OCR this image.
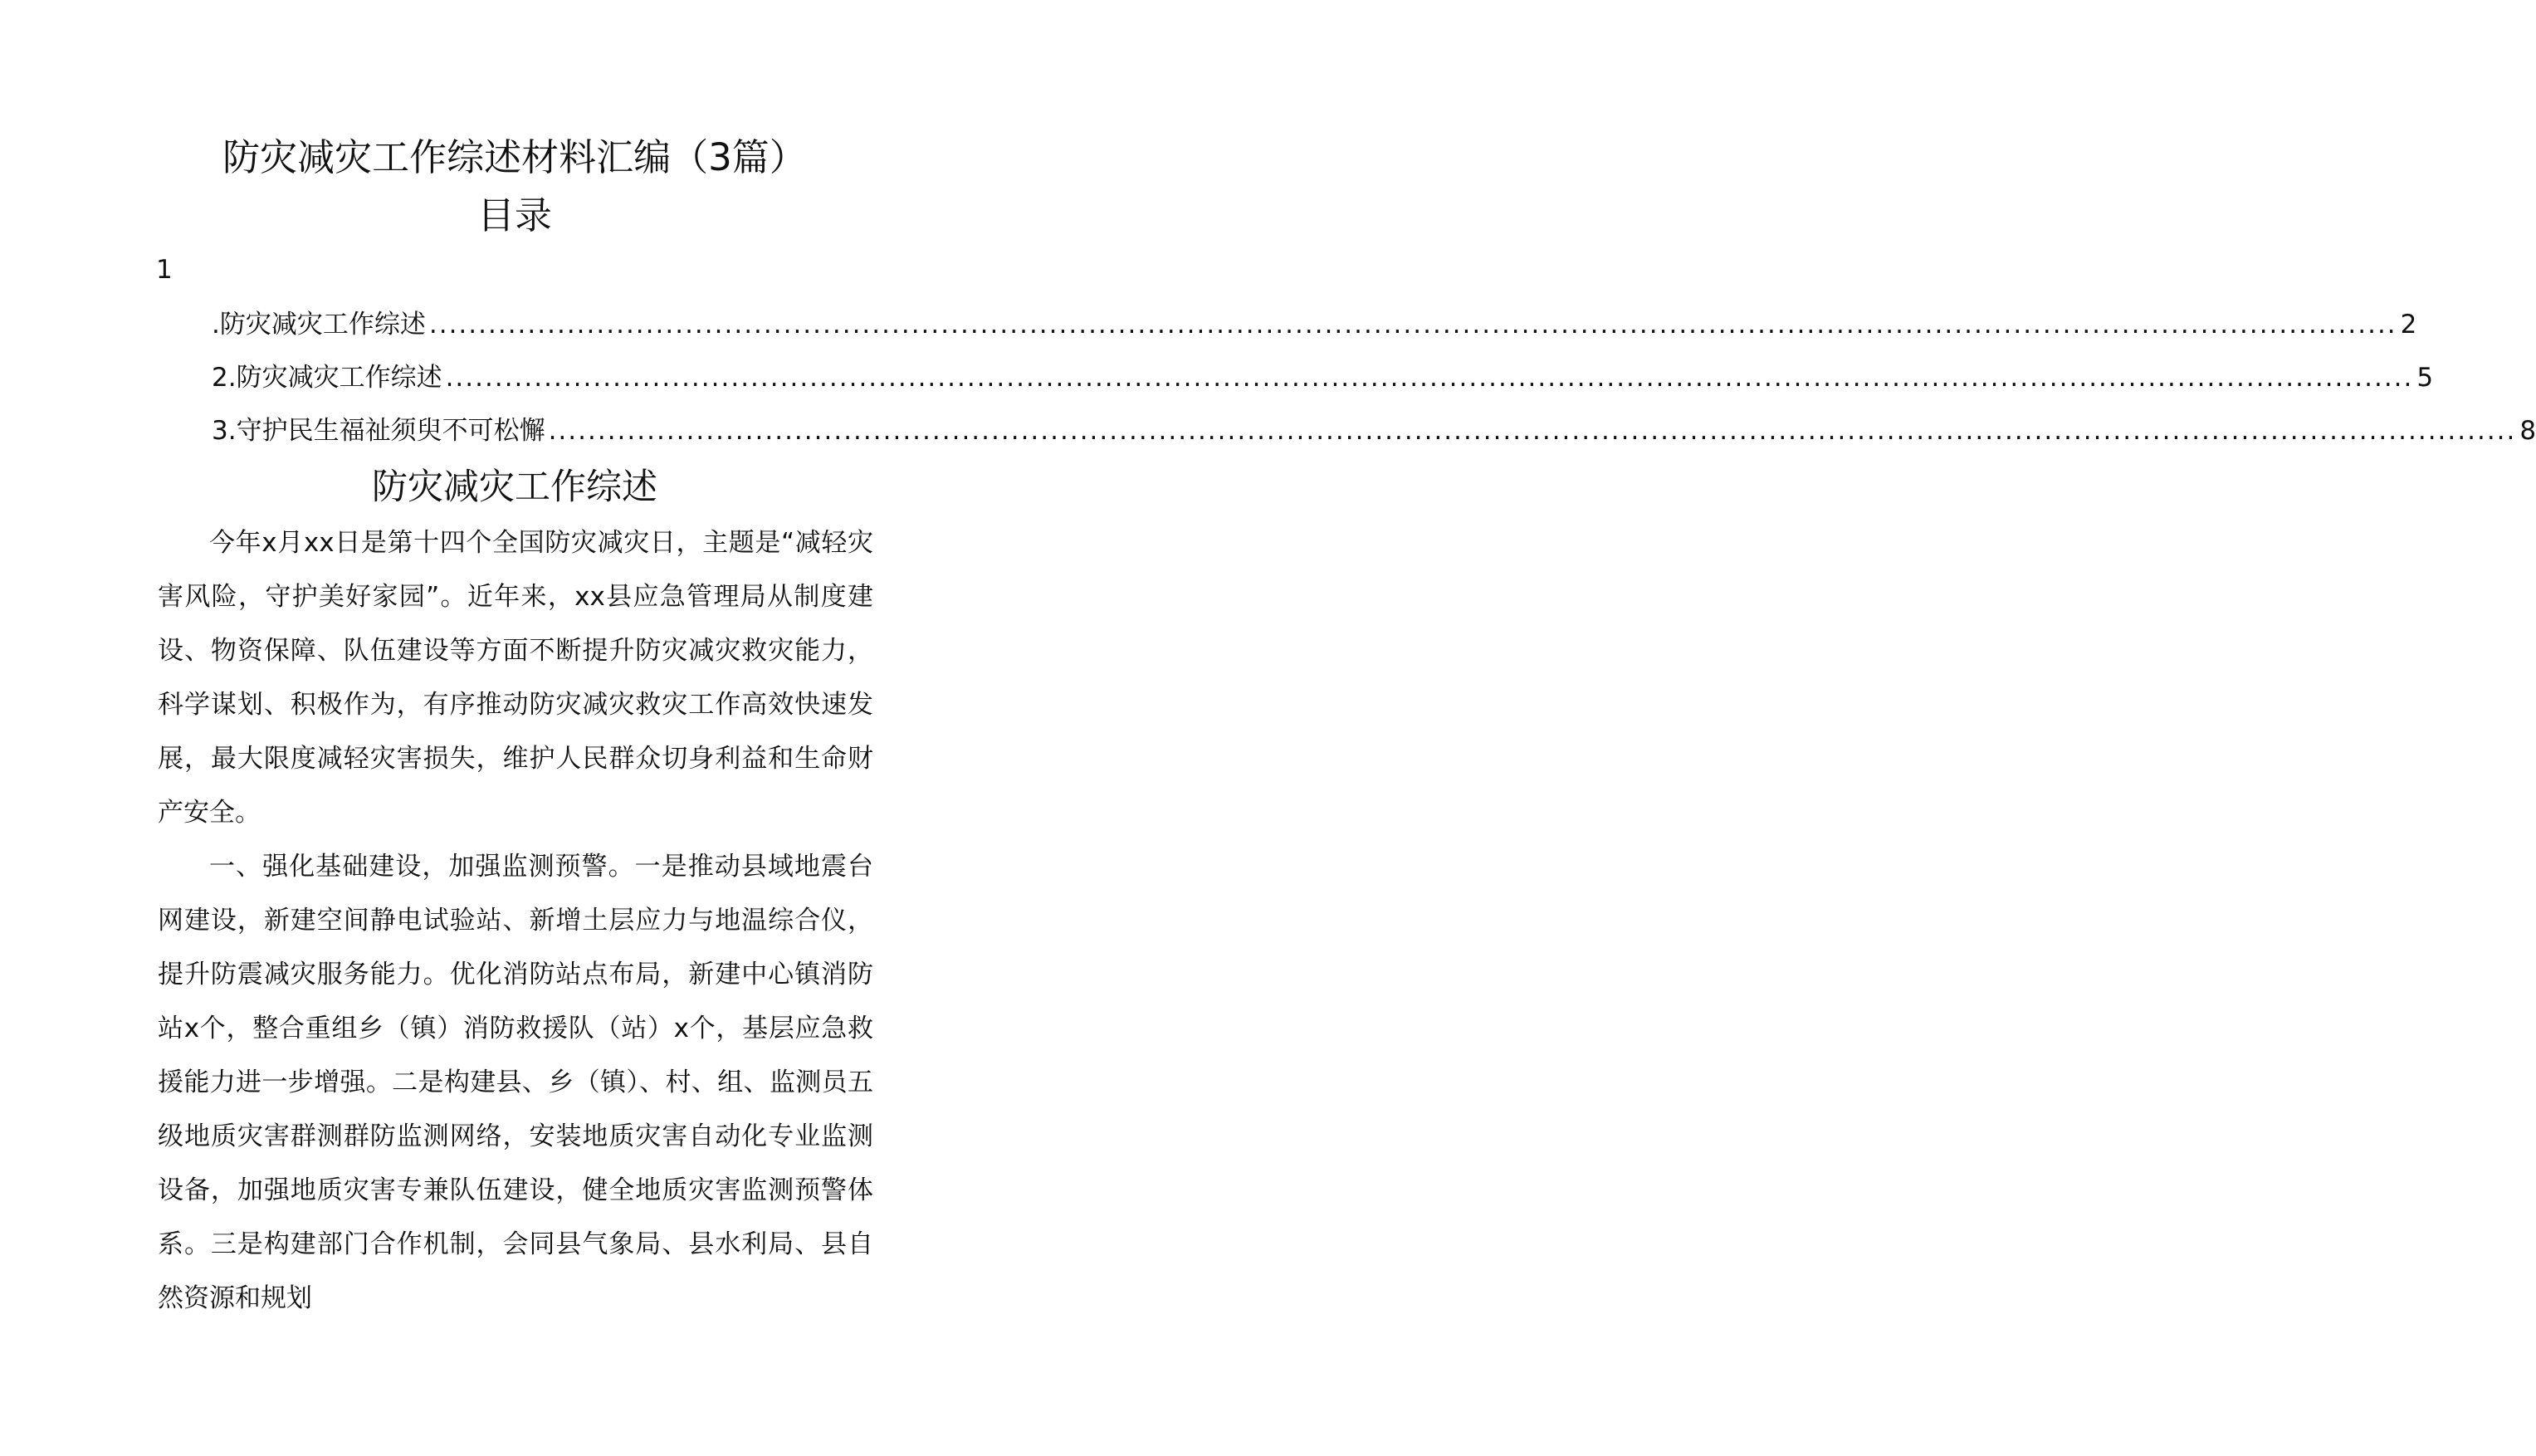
防灾减灾工作综述材料汇编（3篇）
目录
1
.防灾减灾工作综述 ........................................................................................................................................................................................................ 2
2.防灾减灾工作综述 ........................................................................................................................................................................................................ 5
3.守护民生福祉须臾不可松懈 ........................................................................................................................................................................................................ 8
防灾减灾工作综述

今年x月xx日是第十四个全国防灾减灾日，主题是“减轻灾害风险，守护美好家园”。近年来，xx县应急管理局从制度建设、物资保障、队伍建设等方面不断提升防灾减灾救灾能力，科学谋划、积极作为，有序推动防灾减灾救灾工作高效快速发展，最大限度减轻灾害损失，维护人民群众切身利益和生命财产安全。

一、强化基础建设，加强监测预警。一是推动县域地震台网建设，新建空间静电试验站、新增土层应力与地温综合仪，提升防震减灾服务能力。优化消防站点布局，新建中心镇消防站x个，整合重组乡（镇）消防救援队（站）x个，基层应急救援能力进一步增强。二是构建县、乡（镇）、村、组、监测员五级地质灾害群测群防监测网络，安装地质灾害自动化专业监测设备，加强地质灾害专兼队伍建设，健全地质灾害监测预警体系。三是构建部门合作机制，会同县气象局、县水利局、县自然资源和规划
